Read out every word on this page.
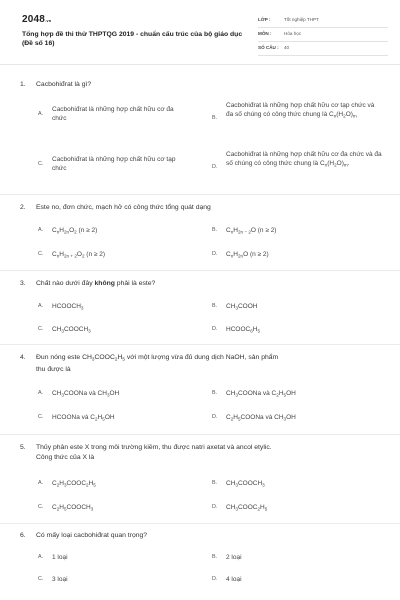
2048.vn
Tổng hợp đề thi thử THPTQG 2019 - chuẩn cấu trúc của bộ giáo dục (Đề số 16)
LỚP :	Tốt nghiệp THPT
MÔN :	Hóa học
SỐ CÂU : 40
1. Cacbohiđrat là gì?
A.
Cacbohiđrat là những hợp chất hữu cơ đa chức	B.
Cacbohiđrat là những hợp chất hữu cơ tạp chức và đa số chúng có công thức chung là $C_n(H_2O)_m$
C.
Cacbohiđrat là những hợp chất hữu cơ tạp chức	D.
Cacbohiđrat là những hợp chất hữu cơ đa chức và đa số chúng có công thức chung là $C_n(H_2O)_m$.
2. Este no, đơn chức, mạch hở có công thức tổng quát dạng
A. $C_nH_{2n}O_2$ (n ≥ 2)	B. $C_nH_{2n - 2}O$ (n ≥ 2)
C. $C_nH_{2n + 2}O_2$ (n ≥ 2)	D. $C_nH_{2n}O$ (n ≥ 2)
3. Chất nào dưới đây không phải là este?
A. $HCOOCH_3$	B. $CH_3COOH$
C. $CH_3COOCH_3$	D. $HCOOC_6H_5$
4. Đun nóng este $CH_3COOC_2H_5$ với một lượng vừa đủ dung dịch NaOH, sản phẩm
thu được là
A. $CH_3COONa$ và $CH_3OH$	B. $CH_3COONa$ và $C_2H_5OH$
C. HCOONa và $C_2H_5OH$	D. $C_2H_5COONa$ và $CH_3OH$
5. Thủy phân este X trong môi trường kiềm, thu được natri axetat và ancol etylic.
Công thức của X là
A. $C_2H_3COOC_2H_5$	B. $CH_3COOCH_3$
C. $C_2H_5COOCH_3$	D. $CH_3COOC_2H_5$
6. Có mấy loại cacbohiđrat quan trọng?
A. 1 loại	B. 2 loại
C. 3 loại	D. 4 loại
